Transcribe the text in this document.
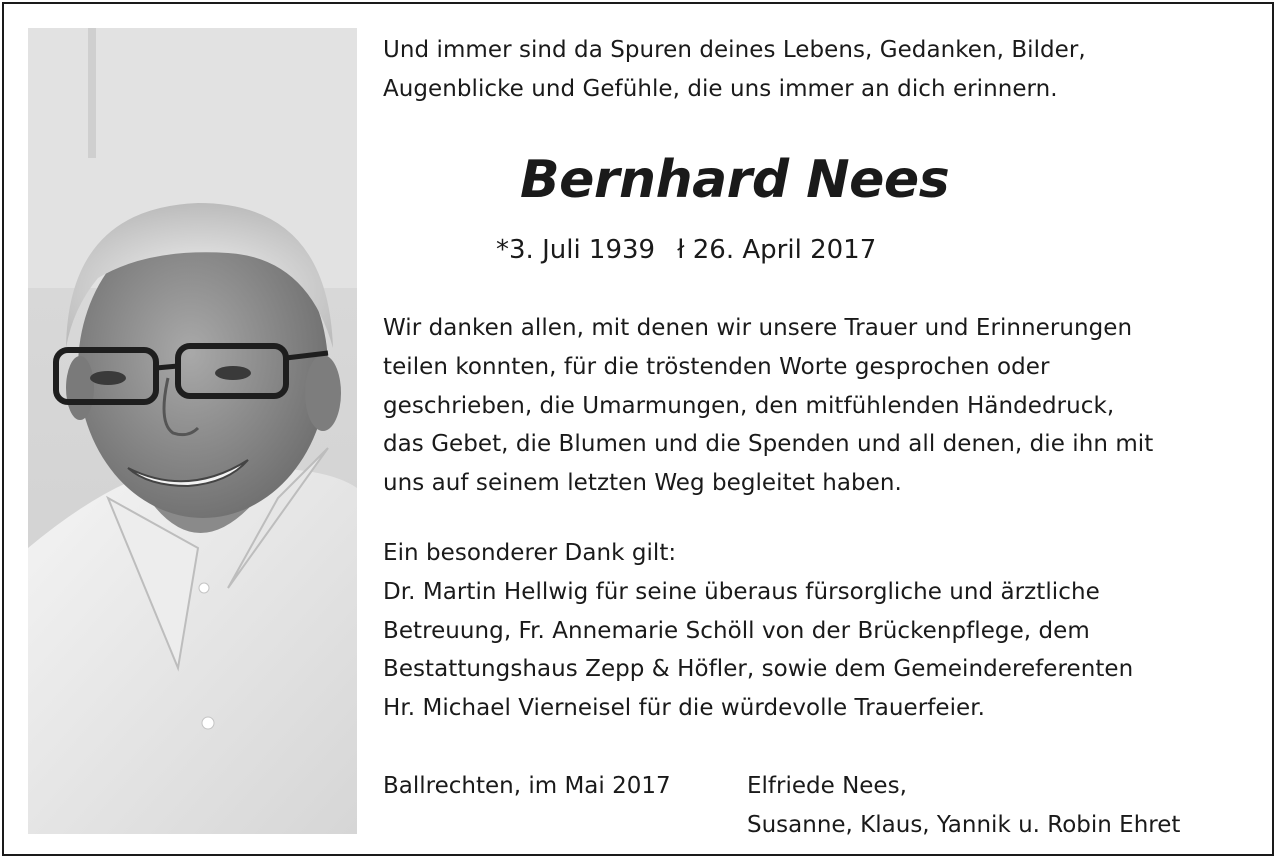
Und immer sind da Spuren deines Lebens, Gedanken, Bilder,
Augenblicke und Gefühle, die uns immer an dich erinnern.
Bernhard Nees
*3. Juli 1939 ł 26. April 2017
Wir danken allen, mit denen wir unsere Trauer und Erinnerungen
teilen konnten, für die tröstenden Worte gesprochen oder
geschrieben, die Umarmungen, den mitfühlenden Händedruck,
das Gebet, die Blumen und die Spenden und all denen, die ihn mit
uns auf seinem letzten Weg begleitet haben.
Ein besonderer Dank gilt:
Dr. Martin Hellwig für seine überaus fürsorgliche und ärztliche
Betreuung, Fr. Annemarie Schöll von der Brückenpflege, dem
Bestattungshaus Zepp & Höfler, sowie dem Gemeindereferenten
Hr. Michael Vierneisel für die würdevolle Trauerfeier.
Ballrechten, im Mai 2017	Elfriede Nees,
Susanne, Klaus, Yannik u. Robin Ehret
